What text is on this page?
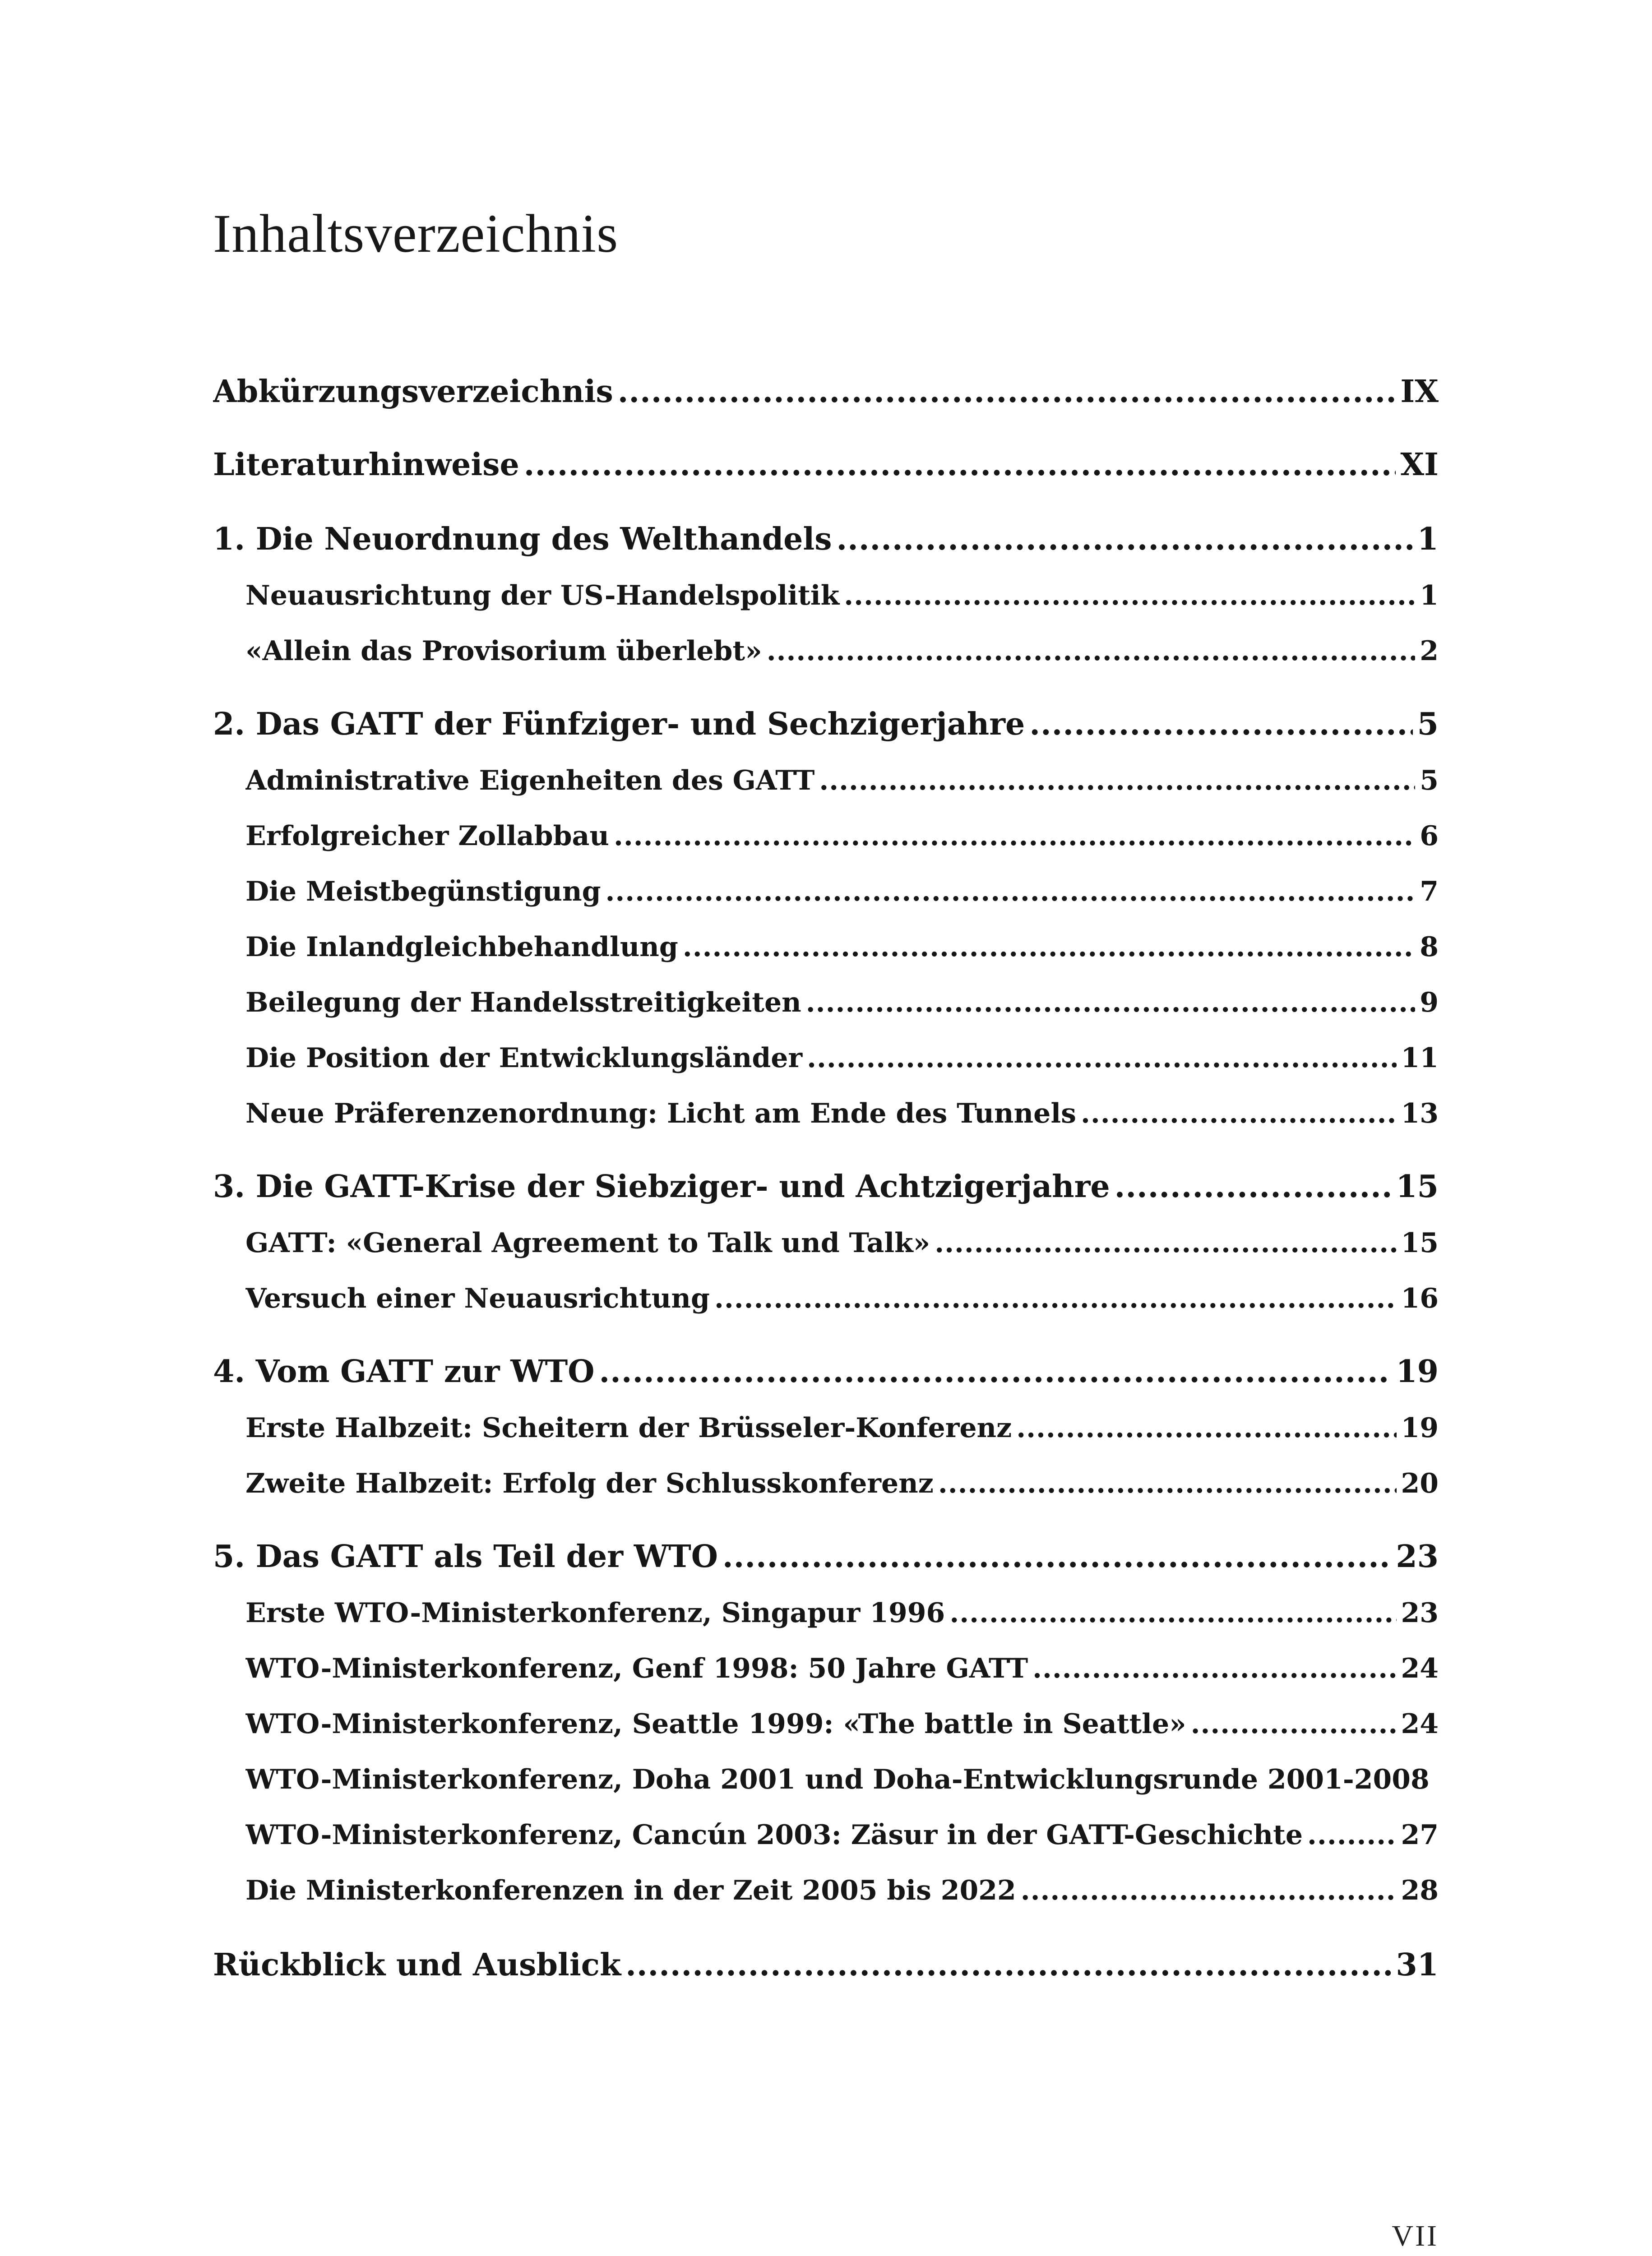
Inhaltsverzeichnis
Abkürzungsverzeichnis .....	IX
Literaturhinweise .....	XI
1. Die Neuordnung des Welthandels .....	1
Neuausrichtung der US-Handelspolitik .....	1
«Allein das Provisorium überlebt» .....	2
2. Das GATT der Fünfziger- und Sechzigerjahre .....	5
Administrative Eigenheiten des GATT .....	5
Erfolgreicher Zollabbau .....	6
Die Meistbegünstigung .....	7
Die Inlandgleichbehandlung .....	8
Beilegung der Handelsstreitigkeiten .....	9
Die Position der Entwicklungsländer .....	11
Neue Präferenzenordnung: Licht am Ende des Tunnels .....	13
3. Die GATT-Krise der Siebziger- und Achtzigerjahre .....	15
GATT: «General Agreement to Talk und Talk» .....	15
Versuch einer Neuausrichtung .....	16
4. Vom GATT zur WTO .....	19
Erste Halbzeit: Scheitern der Brüsseler-Konferenz .....	19
Zweite Halbzeit: Erfolg der Schlusskonferenz .....	20
5. Das GATT als Teil der WTO .....	23
Erste WTO-Ministerkonferenz, Singapur 1996 .....	23
WTO-Ministerkonferenz, Genf 1998: 50 Jahre GATT .....	24
WTO-Ministerkonferenz, Seattle 1999: «The battle in Seattle» .....	24
WTO-Ministerkonferenz, Doha 2001 und Doha-Entwicklungsrunde 2001-2008
WTO-Ministerkonferenz, Cancún 2003: Zäsur in der GATT-Geschichte .....	27
Die Ministerkonferenzen in der Zeit 2005 bis 2022 .....	28
Rückblick und Ausblick .....	31
VII
